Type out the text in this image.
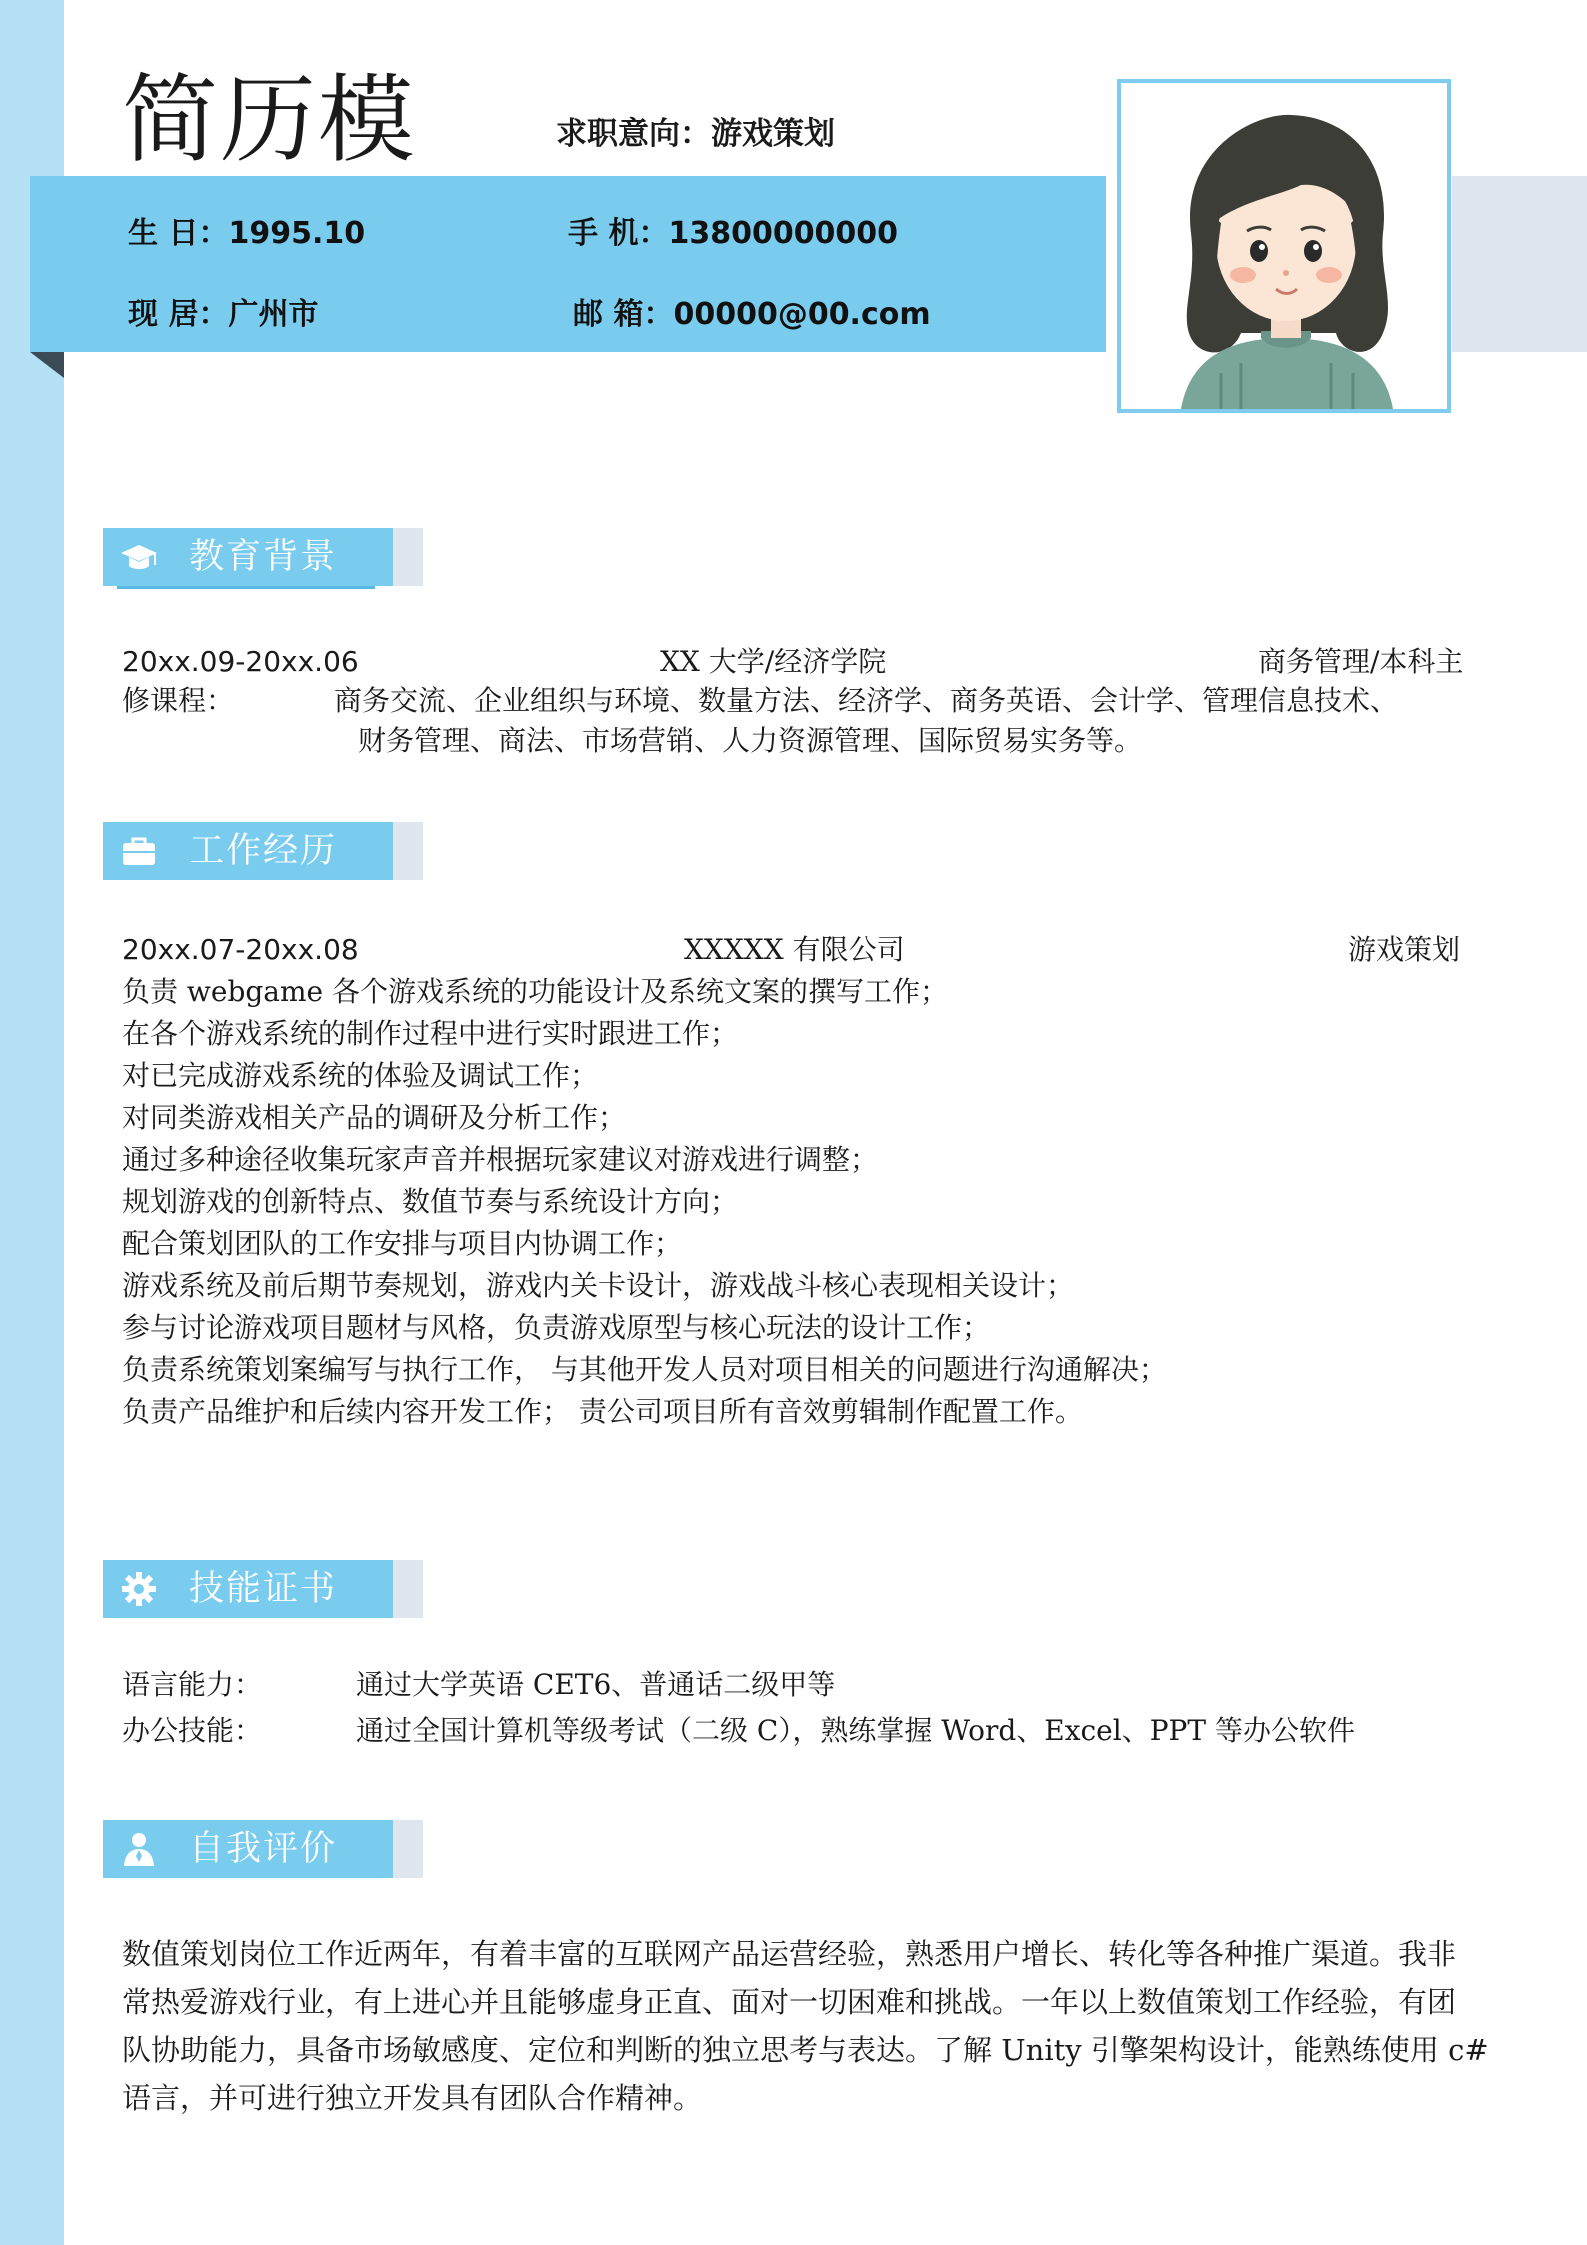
简历模	求职意向：游戏策划
生 日：1995.10	手 机：13800000000
现 居：广州市	邮 箱：00000@00.com
教育背景
20xx.09-20xx.06	XX 大学/经济学院	商务管理/本科主
修课程：	商务交流、企业组织与环境、数量方法、经济学、商务英语、会计学、管理信息技术、
财务管理、商法、市场营销、人力资源管理、国际贸易实务等。
工作经历
20xx.07-20xx.08	XXXXX 有限公司	游戏策划
负责 webgame 各个游戏系统的功能设计及系统文案的撰写工作；
在各个游戏系统的制作过程中进行实时跟进工作；
对已完成游戏系统的体验及调试工作；
对同类游戏相关产品的调研及分析工作；
通过多种途径收集玩家声音并根据玩家建议对游戏进行调整；
规划游戏的创新特点、数值节奏与系统设计方向；
配合策划团队的工作安排与项目内协调工作；
游戏系统及前后期节奏规划，游戏内关卡设计，游戏战斗核心表现相关设计；
参与讨论游戏项目题材与风格，负责游戏原型与核心玩法的设计工作；
负责系统策划案编写与执行工作， 与其他开发人员对项目相关的问题进行沟通解决；
负责产品维护和后续内容开发工作； 责公司项目所有音效剪辑制作配置工作。
技能证书
语言能力：	通过大学英语 CET6、普通话二级甲等
办公技能：	通过全国计算机等级考试（二级 C），熟练掌握 Word、Excel、PPT 等办公软件
自我评价
数值策划岗位工作近两年，有着丰富的互联网产品运营经验，熟悉用户增长、转化等各种推广渠道。我非
常热爱游戏行业，有上进心并且能够虚身正直、面对一切困难和挑战。一年以上数值策划工作经验，有团
队协助能力，具备市场敏感度、定位和判断的独立思考与表达。了解 Unity 引擎架构设计，能熟练使用 c#
语言，并可进行独立开发具有团队合作精神。
